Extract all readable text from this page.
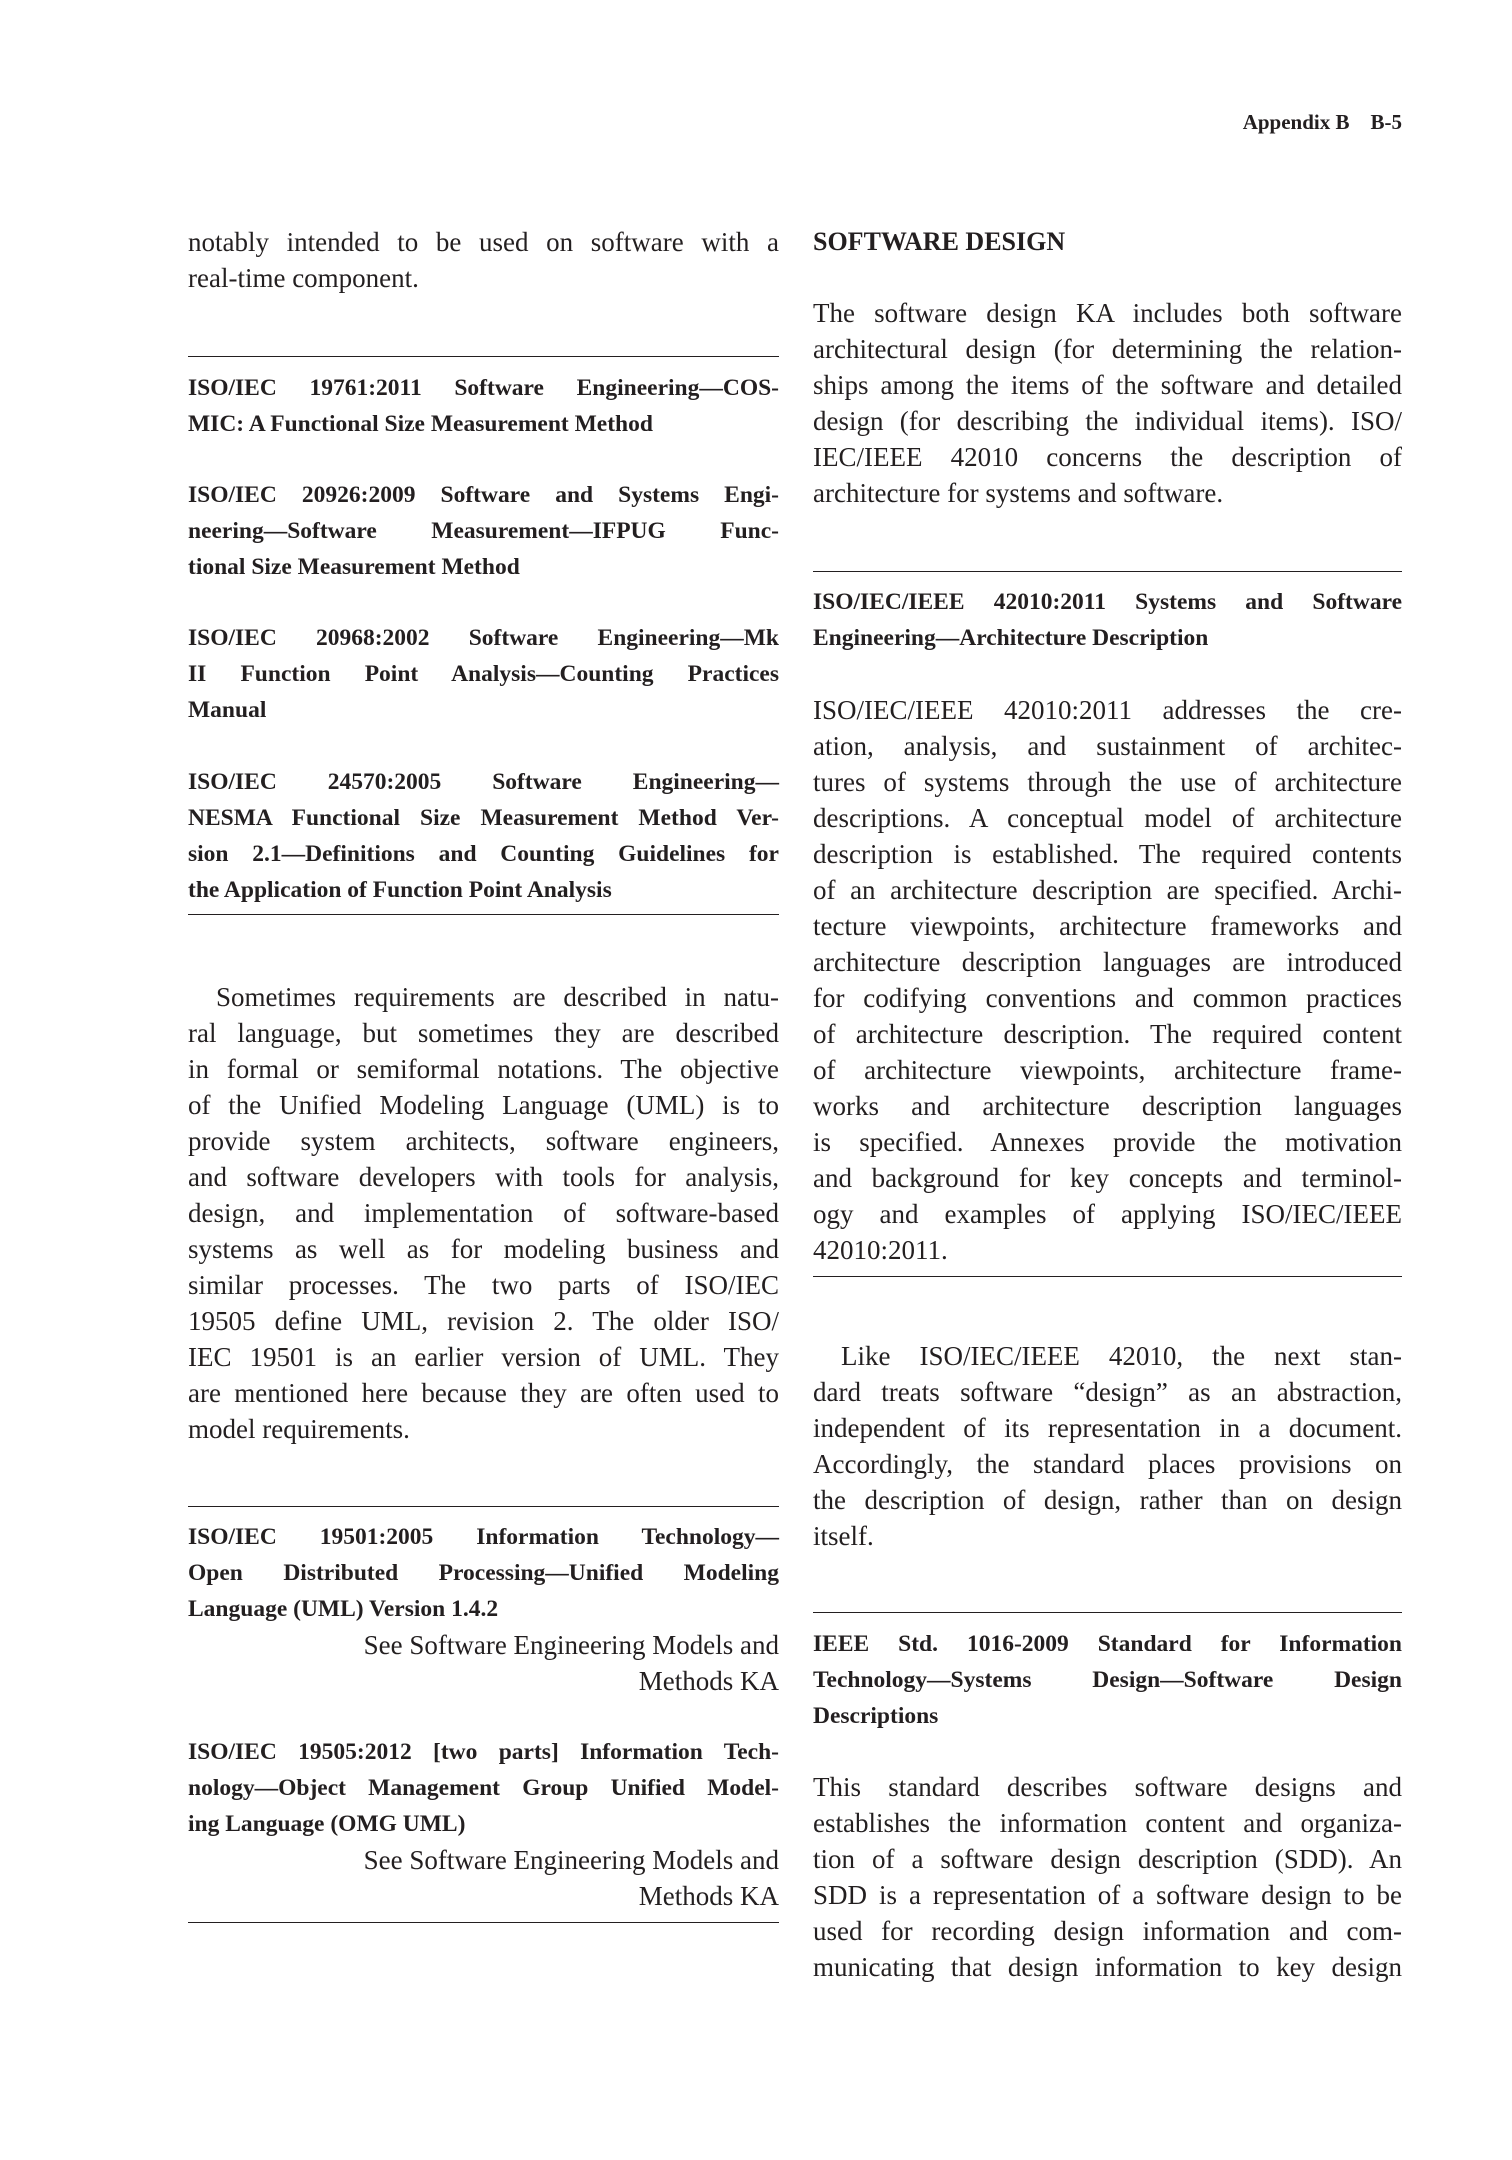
Appendix B B-5
notably intended to be used on software with a
real-time component.
ISO/IEC 19761:2011 Software Engineering—COS-
MIC: A Functional Size Measurement Method
ISO/IEC 20926:2009 Software and Systems Engi-
neering—Software Measurement—IFPUG Func-
tional Size Measurement Method
ISO/IEC 20968:2002 Software Engineering—Mk
II Function Point Analysis—Counting Practices
Manual
ISO/IEC 24570:2005 Software Engineering—
NESMA Functional Size Measurement Method Ver-
sion 2.1—Definitions and Counting Guidelines for
the Application of Function Point Analysis
Sometimes requirements are described in natu-
ral language, but sometimes they are described
in formal or semiformal notations. The objective
of the Unified Modeling Language (UML) is to
provide system architects, software engineers,
and software developers with tools for analysis,
design, and implementation of software-based
systems as well as for modeling business and
similar processes. The two parts of ISO/IEC
19505 define UML, revision 2. The older ISO/
IEC 19501 is an earlier version of UML. They
are mentioned here because they are often used to
model requirements.
ISO/IEC 19501:2005 Information Technology—
Open Distributed Processing—Unified Modeling
Language (UML) Version 1.4.2
See Software Engineering Models and
Methods KA
ISO/IEC 19505:2012 [two parts] Information Tech-
nology—Object Management Group Unified Model-
ing Language (OMG UML)
See Software Engineering Models and
Methods KA
SOFTWARE DESIGN
The software design KA includes both software
architectural design (for determining the relation-
ships among the items of the software and detailed
design (for describing the individual items). ISO/
IEC/IEEE 42010 concerns the description of
architecture for systems and software.
ISO/IEC/IEEE 42010:2011 Systems and Software
Engineering—Architecture Description
ISO/IEC/IEEE 42010:2011 addresses the cre-
ation, analysis, and sustainment of architec-
tures of systems through the use of architecture
descriptions. A conceptual model of architecture
description is established. The required contents
of an architecture description are specified. Archi-
tecture viewpoints, architecture frameworks and
architecture description languages are introduced
for codifying conventions and common practices
of architecture description. The required content
of architecture viewpoints, architecture frame-
works and architecture description languages
is specified. Annexes provide the motivation
and background for key concepts and terminol-
ogy and examples of applying ISO/IEC/IEEE
42010:2011.
Like ISO/IEC/IEEE 42010, the next stan-
dard treats software “design” as an abstraction,
independent of its representation in a document.
Accordingly, the standard places provisions on
the description of design, rather than on design
itself.
IEEE Std. 1016-2009 Standard for Information
Technology—Systems Design—Software Design
Descriptions
This standard describes software designs and
establishes the information content and organiza-
tion of a software design description (SDD). An
SDD is a representation of a software design to be
used for recording design information and com-
municating that design information to key design
